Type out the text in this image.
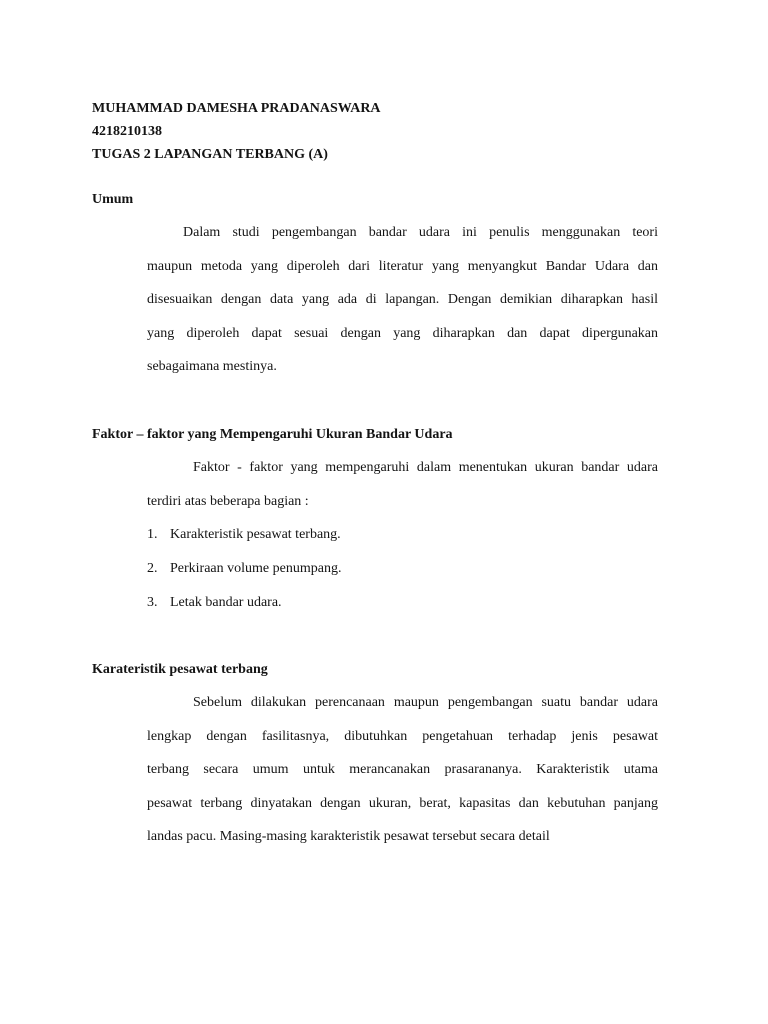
MUHAMMAD DAMESHA PRADANASWARA
4218210138
TUGAS 2 LAPANGAN TERBANG (A)
Umum
Dalam studi pengembangan bandar udara ini penulis menggunakan teori
maupun metoda yang diperoleh dari literatur yang menyangkut Bandar Udara dan
disesuaikan dengan data yang ada di lapangan. Dengan demikian diharapkan hasil
yang diperoleh dapat sesuai dengan yang diharapkan dan dapat dipergunakan
sebagaimana mestinya.
Faktor – faktor yang Mempengaruhi Ukuran Bandar Udara
Faktor - faktor yang mempengaruhi dalam menentukan ukuran bandar udara
terdiri atas beberapa bagian :
1. Karakteristik pesawat terbang.
2. Perkiraan volume penumpang.
3. Letak bandar udara.
Karateristik pesawat terbang
Sebelum dilakukan perencanaan maupun pengembangan suatu bandar udara
lengkap dengan fasilitasnya, dibutuhkan pengetahuan terhadap jenis pesawat
terbang secara umum untuk merancanakan prasarananya. Karakteristik utama
pesawat terbang dinyatakan dengan ukuran, berat, kapasitas dan kebutuhan panjang
landas pacu. Masing-masing karakteristik pesawat tersebut secara detail
